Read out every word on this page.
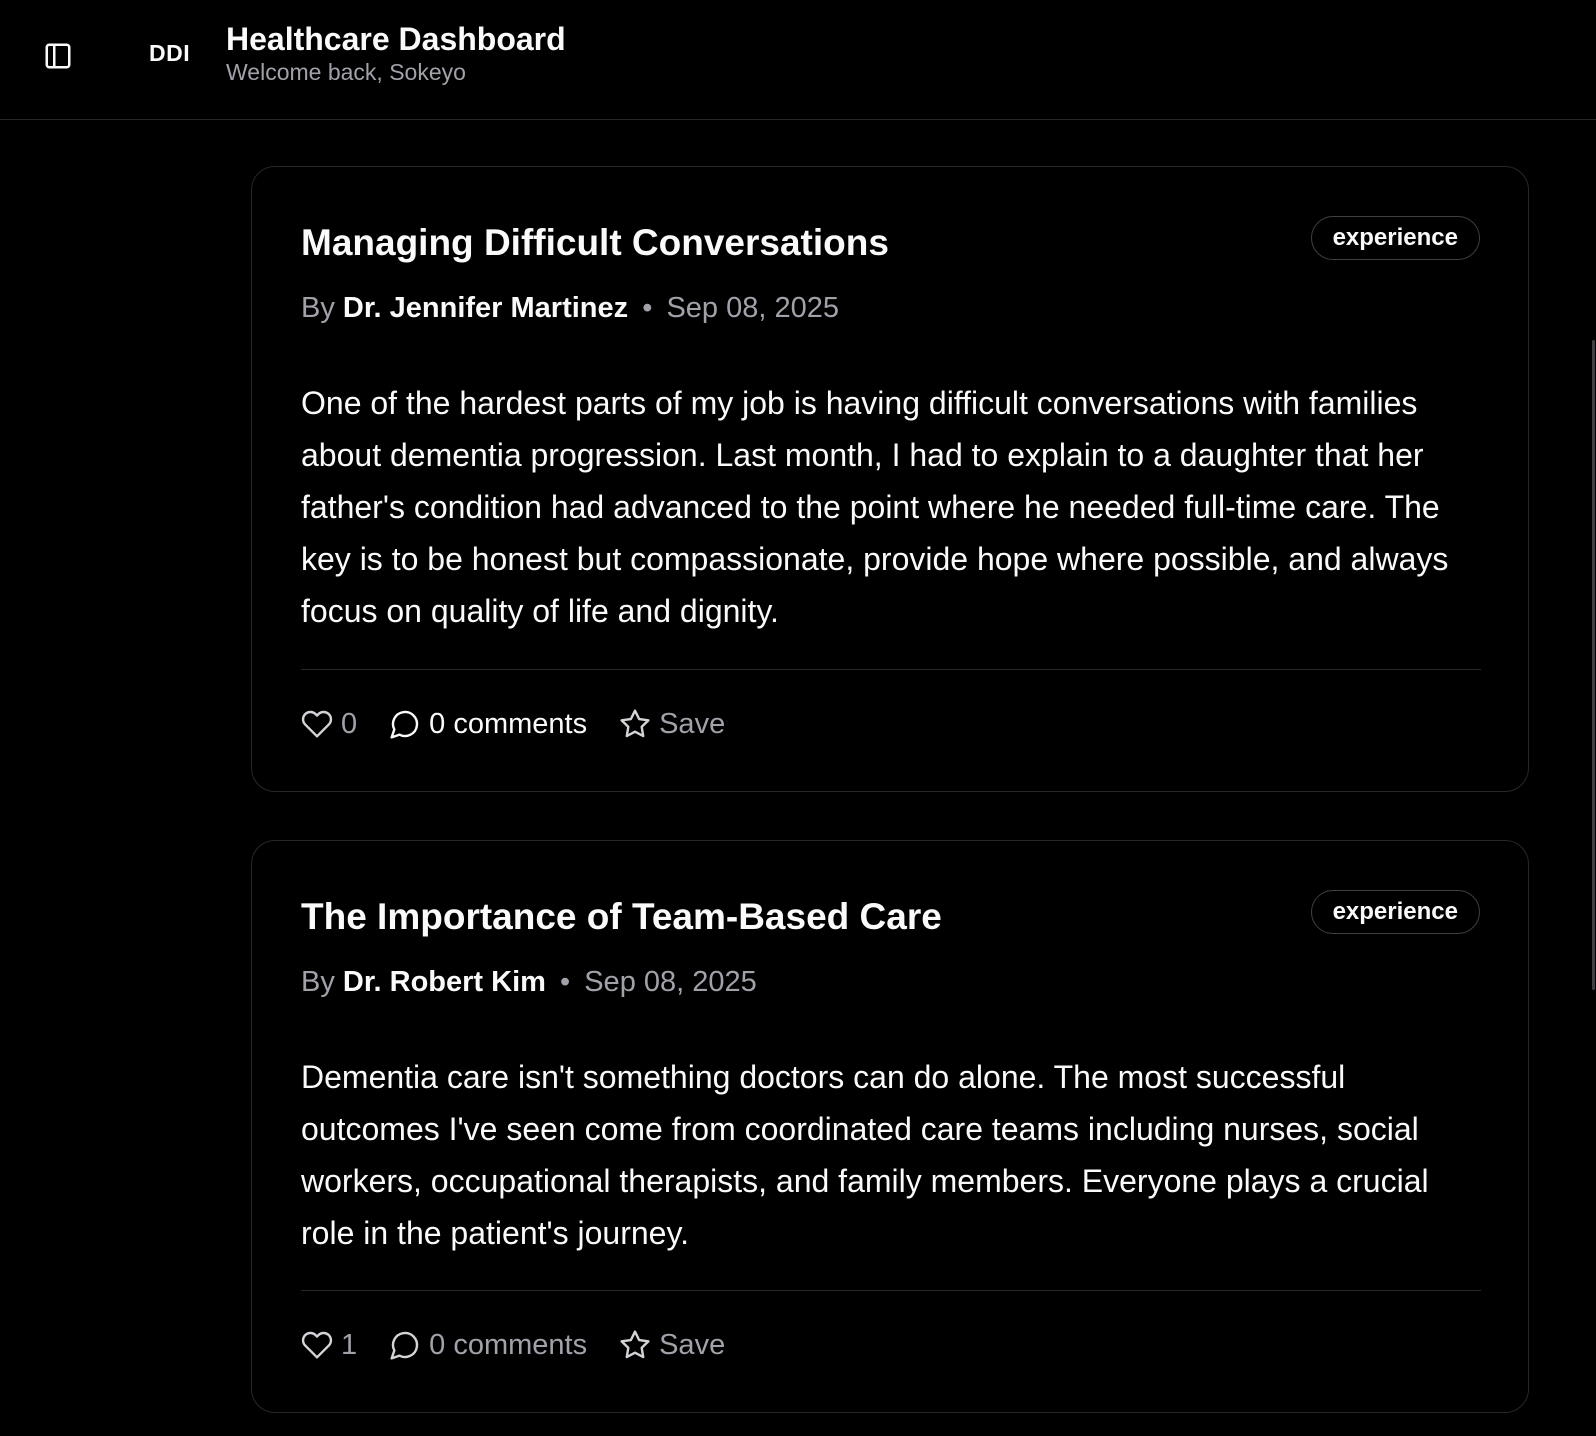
DDI Healthcare Dashboard
Welcome back, Sokeyo
Managing Difficult Conversations	experience
By Dr. Jennifer Martinez • Sep 08, 2025

One of the hardest parts of my job is having difficult conversations with families about dementia progression. Last month, I had to explain to a daughter that her father's condition had advanced to the point where he needed full-time care. The key is to be honest but compassionate, provide hope where possible, and always focus on quality of life and dignity.

0 0 comments Save
The Importance of Team-Based Care	experience
By Dr. Robert Kim • Sep 08, 2025

Dementia care isn't something doctors can do alone. The most successful outcomes I've seen come from coordinated care teams including nurses, social workers, occupational therapists, and family members. Everyone plays a crucial role in the patient's journey.

1 0 comments Save
